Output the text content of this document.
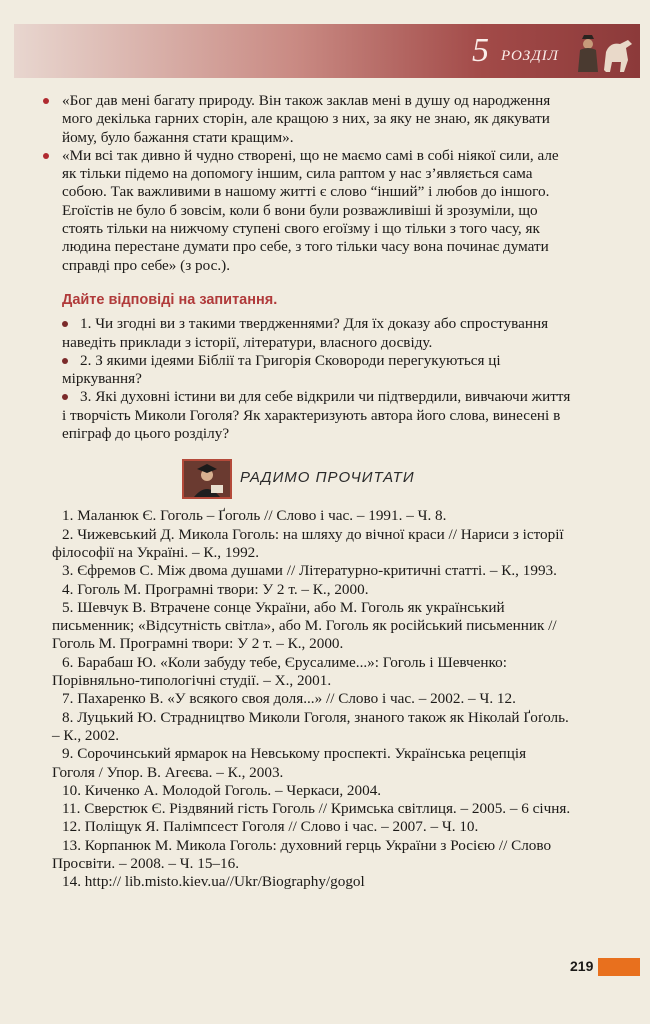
5 РОЗДІЛ

«Бог дав мені багату природу. Він також заклав мені в душу од народження мого декілька гарних сторін, але кращою з них, за яку не знаю, як дякувати йому, було бажання стати кращим».

«Ми всі так дивно й чудно створені, що не маємо самі в собі ніякої сили, але як тільки підемо на допомогу іншим, сила раптом у нас з’являється сама собою. Так важливими в нашому житті є слово “інший” і любов до іншого. Егоїстів не було б зовсім, коли б вони були розважливіші й зрозуміли, що стоять тільки на нижчому ступені свого егоїзму і що тільки з того часу, як людина перестане думати про себе, з того тільки часу вона починає думати справді про себе» (з рос.).

Дайте відповіді на запитання.

1. Чи згодні ви з такими твердженнями? Для їх доказу або спростування наведіть приклади з історії, літератури, власного досвіду.

2. З якими ідеями Біблії та Григорія Сковороди перегукуються ці міркування?

3. Які духовні істини ви для себе відкрили чи підтвердили, вивчаючи життя і творчість Миколи Гоголя? Як характеризують автора його слова, винесені в епіграф до цього розділу?

РАДИМО ПРОЧИТАТИ

1. Маланюк Є. Гоголь – Ґоголь // Слово і час. – 1991. – Ч. 8.

2. Чижевський Д. Микола Гоголь: на шляху до вічної краси // Нариси з історії філософії на Україні. – К., 1992.

3. Єфремов С. Між двома душами // Літературно-критичні статті. – К., 1993.

4. Гоголь М. Програмні твори: У 2 т. – К., 2000.

5. Шевчук В. Втрачене сонце України, або М. Гоголь як український письменник; «Відсутність світла», або М. Гоголь як російський письменник // Гоголь М. Програмні твори: У 2 т. – К., 2000.

6. Барабаш Ю. «Коли забуду тебе, Єрусалиме...»: Гоголь і Шевченко: Порівняльно-типологічні студії. – Х., 2001.

7. Пахаренко В. «У всякого своя доля...» // Слово і час. – 2002. – Ч. 12.

8. Луцький Ю. Страдництво Миколи Гоголя, знаного також як Ніколай Ґоґоль. – К., 2002.

9. Сорочинський ярмарок на Невському проспекті. Українська рецепція Гоголя / Упор. В. Агеєва. – К., 2003.

10. Киченко А. Молодой Гоголь. – Черкаси, 2004.

11. Сверстюк Є. Різдвяний гість Гоголь // Кримська світлиця. – 2005. – 6 січня.

12. Поліщук Я. Палімпсест Гоголя // Слово і час. – 2007. – Ч. 10.

13. Корпанюк М. Микола Гоголь: духовний герць України з Росією // Слово Просвіти. – 2008. – Ч. 15–16.

14. http:// lib.misto.kiev.ua//Ukr/Biography/gogol

219
